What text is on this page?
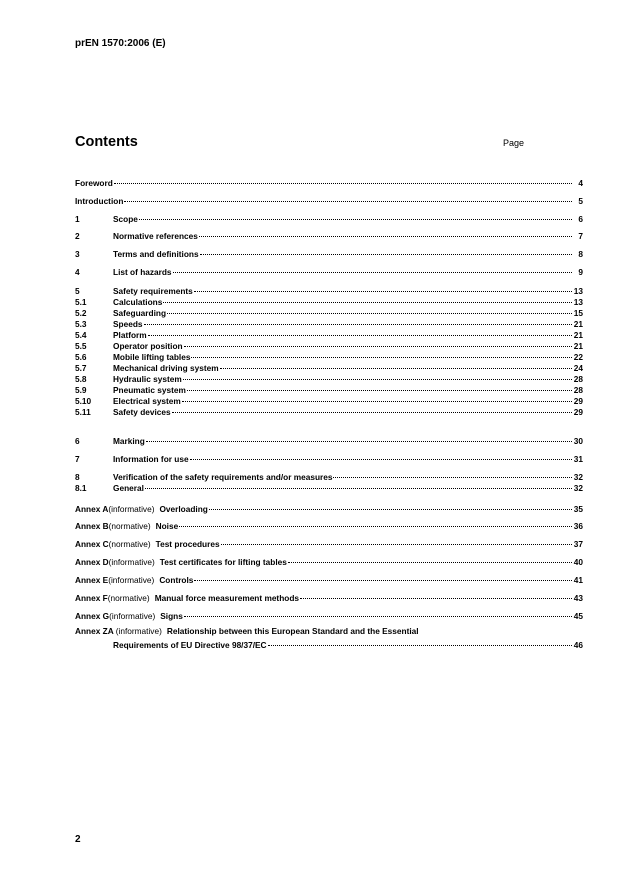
prEN 1570:2006 (E)
Contents	Page
Foreword	4
Introduction	5
1	Scope	6
2	Normative references	7
3	Terms and definitions	8
4	List of hazards	9
5	Safety requirements	13
5.1	Calculations	13
5.2	Safeguarding	15
5.3	Speeds	21
5.4	Platform	21
5.5	Operator position	21
5.6	Mobile lifting tables	22
5.7	Mechanical driving system	24
5.8	Hydraulic system	28
5.9	Pneumatic system	28
5.10	Electrical system	29
5.11	Safety devices	29
6	Marking	30
7	Information for use	31
8	Verification of the safety requirements and/or measures	32
8.1	General	32
Annex A (informative) Overloading	35
Annex B (normative) Noise	36
Annex C (normative) Test procedures	37
Annex D (informative) Test certificates for lifting tables	40
Annex E (informative) Controls	41
Annex F (normative) Manual force measurement methods	43
Annex G (informative) Signs	45
Annex ZA (informative) Relationship between this European Standard and the Essential
Requirements of EU Directive 98/37/EC	46
2
